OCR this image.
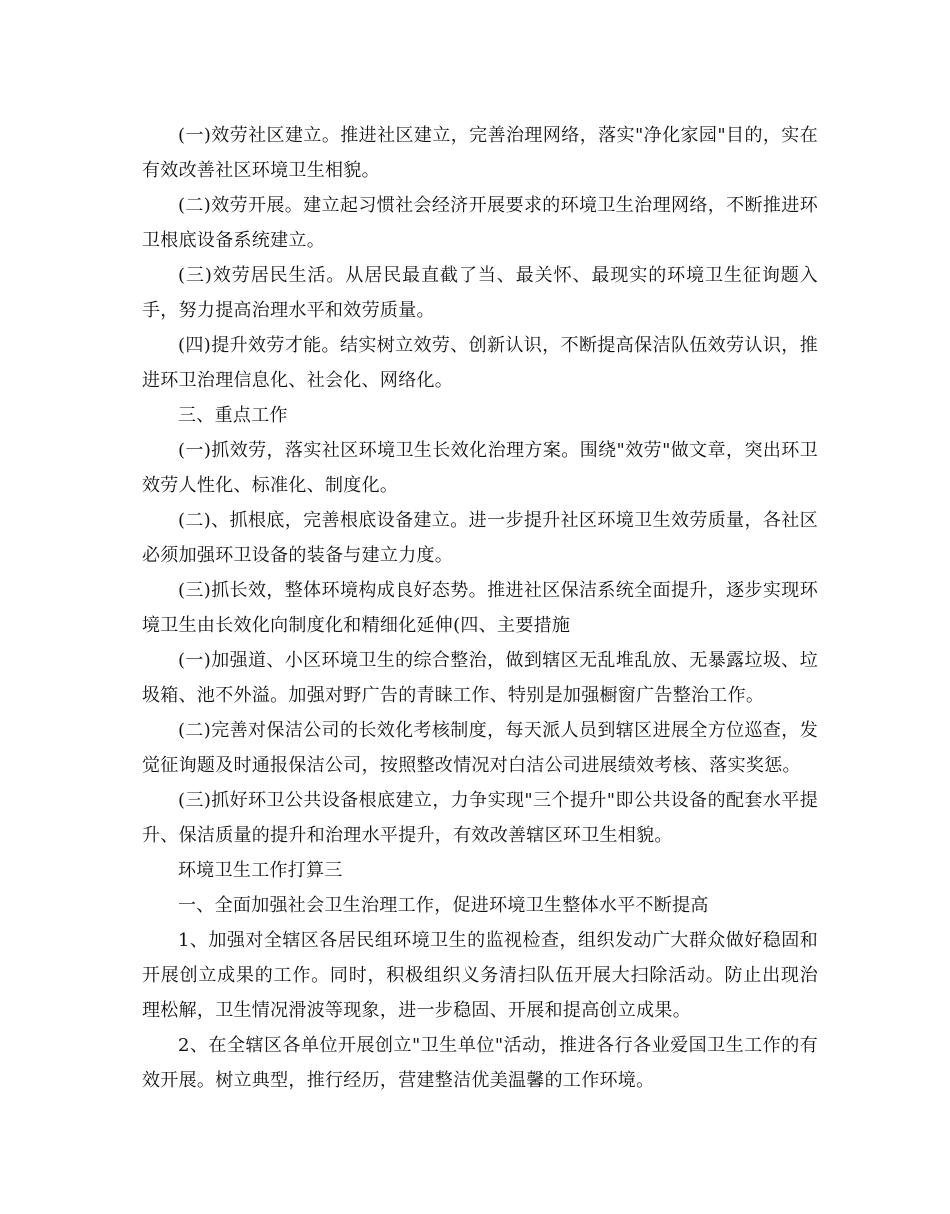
(一)效劳社区建立。推进社区建立，完善治理网络，落实"净化家园"目的，实在有效改善社区环境卫生相貌。

(二)效劳开展。建立起习惯社会经济开展要求的环境卫生治理网络，不断推进环卫根底设备系统建立。

(三)效劳居民生活。从居民最直截了当、最关怀、最现实的环境卫生征询题入手，努力提高治理水平和效劳质量。

(四)提升效劳才能。结实树立效劳、创新认识，不断提高保洁队伍效劳认识，推进环卫治理信息化、社会化、网络化。

三、重点工作

(一)抓效劳，落实社区环境卫生长效化治理方案。围绕"效劳"做文章，突出环卫效劳人性化、标准化、制度化。

(二)、抓根底，完善根底设备建立。进一步提升社区环境卫生效劳质量，各社区必须加强环卫设备的装备与建立力度。

(三)抓长效，整体环境构成良好态势。推进社区保洁系统全面提升，逐步实现环境卫生由长效化向制度化和精细化延伸(四、主要措施

(一)加强道、小区环境卫生的综合整治，做到辖区无乱堆乱放、无暴露垃圾、垃圾箱、池不外溢。加强对野广告的青睐工作、特别是加强橱窗广告整治工作。

(二)完善对保洁公司的长效化考核制度，每天派人员到辖区进展全方位巡查，发觉征询题及时通报保洁公司，按照整改情况对白洁公司进展绩效考核、落实奖惩。

(三)抓好环卫公共设备根底建立，力争实现"三个提升"即公共设备的配套水平提升、保洁质量的提升和治理水平提升，有效改善辖区环卫生相貌。

环境卫生工作打算三

一、全面加强社会卫生治理工作，促进环境卫生整体水平不断提高

1、加强对全辖区各居民组环境卫生的监视检查，组织发动广大群众做好稳固和开展创立成果的工作。同时，积极组织义务清扫队伍开展大扫除活动。防止出现治理松解，卫生情况滑波等现象，进一步稳固、开展和提高创立成果。

2、在全辖区各单位开展创立"卫生单位"活动，推进各行各业爱国卫生工作的有效开展。树立典型，推行经历，营建整洁优美温馨的工作环境。
